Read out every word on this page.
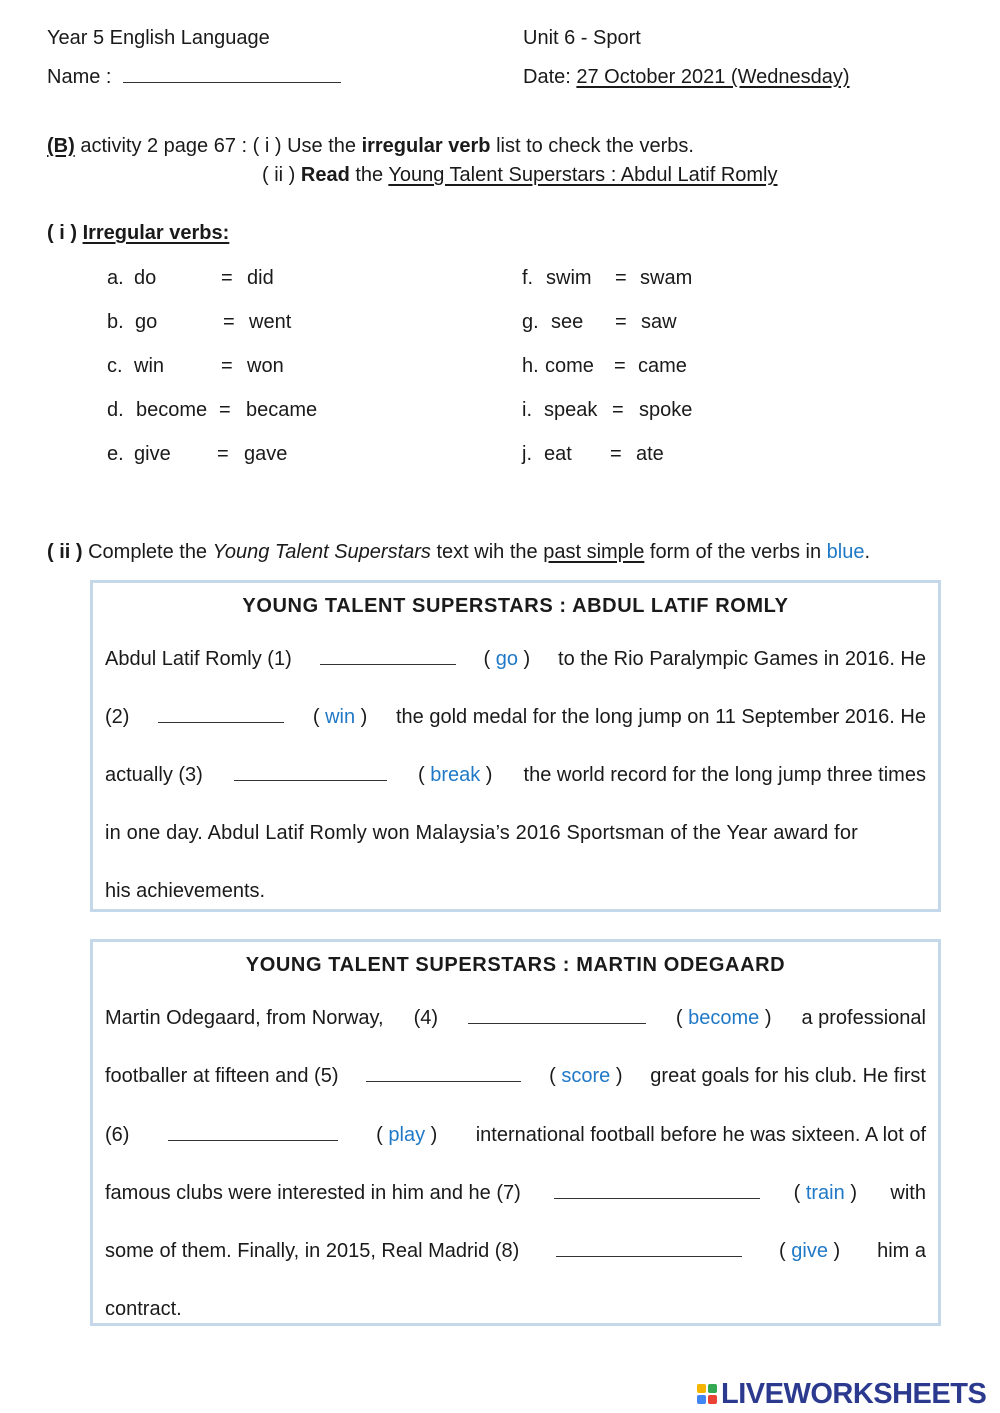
Year 5 English Language	Unit 6 - Sport
Name :	Date: 27 October 2021 (Wednesday)
(B) activity 2 page 67 : ( i ) Use the irregular verb list to check the verbs.
( ii ) Read the Young Talent Superstars : Abdul Latif Romly
( i ) Irregular verbs:
a. do	= did
b. go	= went
c. win	= won
d. become = became
e. give = gave
f. swim = swam
g. see = saw
h. come = came
i. speak = spoke
j. eat = ate
( ii ) Complete the Young Talent Superstars text wih the past simple form of the verbs in blue.
YOUNG TALENT SUPERSTARS : ABDUL LATIF ROMLY
Abdul Latif Romly (1)	( go ) to the Rio Paralympic Games in 2016. He
(2)	( win ) the gold medal for the long jump on 11 September 2016. He
actually (3)	( break ) the world record for the long jump three times
in one day. Abdul Latif Romly won Malaysia’s 2016 Sportsman of the Year award for
his achievements.
YOUNG TALENT SUPERSTARS : MARTIN ODEGAARD
Martin Odegaard, from Norway, (4)	( become ) a professional
footballer at fifteen and (5)	( score ) great goals for his club. He first
(6)	( play ) international football before he was sixteen. A lot of
famous clubs were interested in him and he (7)	( train ) with
some of them. Finally, in 2015, Real Madrid (8)	( give ) him a
contract.
LIVEWORKSHEETS
